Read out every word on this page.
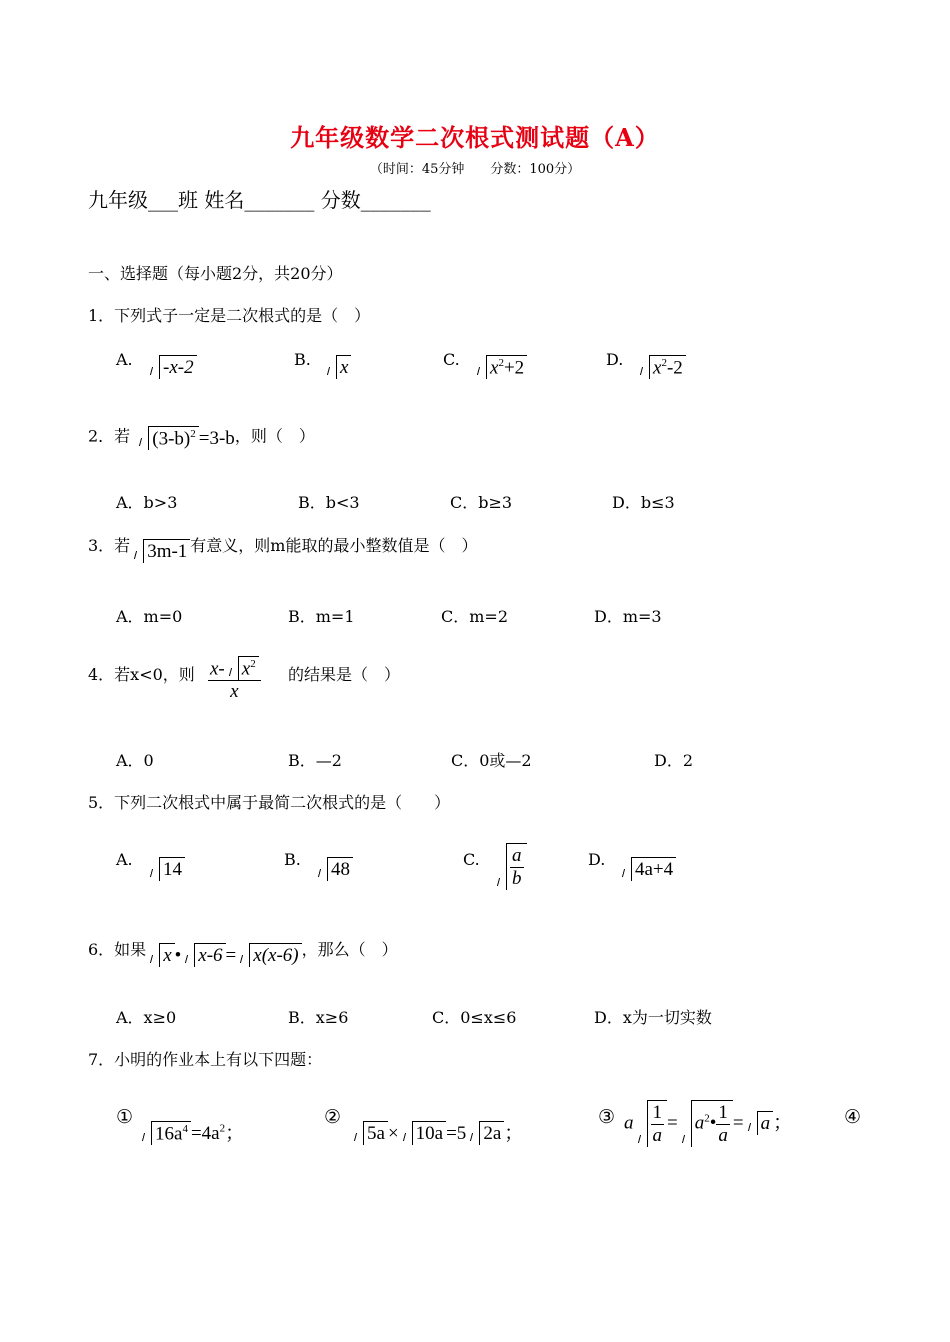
九年级数学二次根式测试题（A）
（时间：45分钟　　分数：100分）
九年级___班 姓名_______ 分数_______
一、选择题（每小题2分，共20分）
1．下列式子一定是二次根式的是（　）
A.	-x-2	B.	x	C.	$x^2+2$	D.	$x^2-2$
2．若 $(3-b)^2 =3-b$，则（　）
A．b>3	B．b<3	C．b≥3	D．b≤3
3．若 3m-1 有意义，则m能取的最小整数值是（　）
A．m=0	B．m=1	C．m=2	D．m=3
4．若x<0，则 $\frac{x- x^2}{x}$ 的结果是（　）
A．0	B．—2	C．0或—2	D．2
5．下列二次根式中属于最简二次根式的是（　　）
A.	14	B.	48	C. $\frac{a}{b}$	D.	4a+4
6．如果 x • x-6 = x(x-6) ，那么（　）
A．x≥0	B．x≥6	C．0≤x≤6	D．x为一切实数
7．小明的作业本上有以下四题：
①
$16a^4 =4a^2$；
②
5a × 10a =5 2a ；
③ a $\frac{1}{a}$ = $a^2• \frac{1}{a} = a$ ；	④
